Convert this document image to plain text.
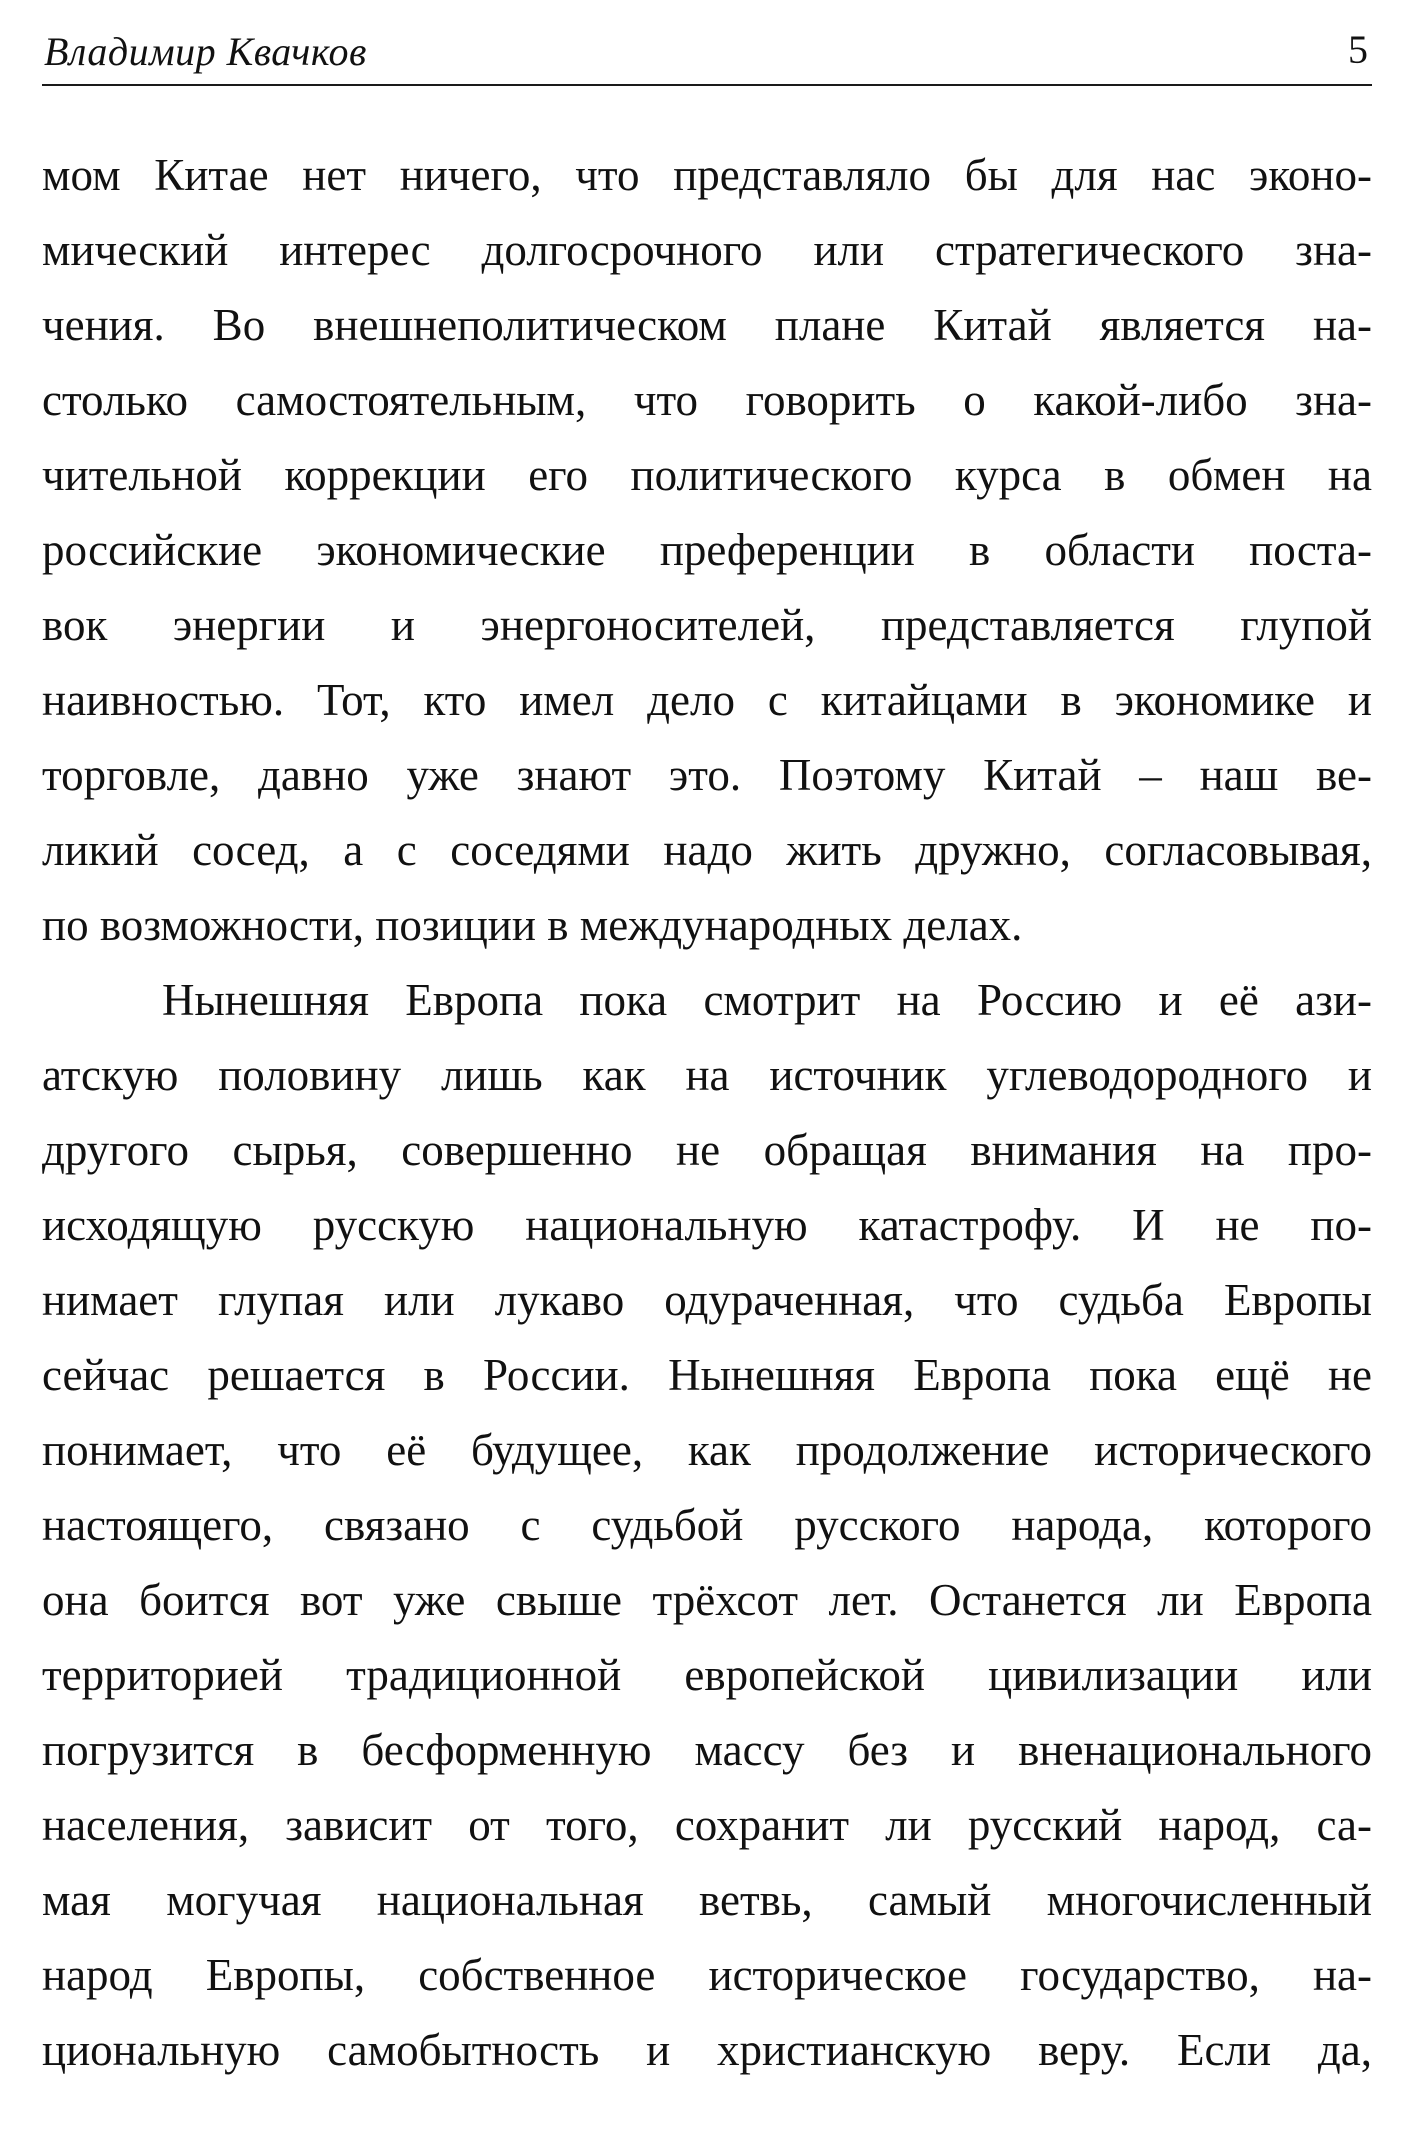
Владимир Квачков	5
мом Китае нет ничего, что представляло бы для нас эконо-
мический интерес долгосрочного или стратегического зна-
чения. Во внешнеполитическом плане Китай является на-
столько самостоятельным, что говорить о какой-либо зна-
чительной коррекции его политического курса в обмен на
российские экономические преференции в области поста-
вок энергии и энергоносителей, представляется глупой
наивностью. Тот, кто имел дело с китайцами в экономике и
торговле, давно уже знают это. Поэтому Китай – наш ве-
ликий сосед, а с соседями надо жить дружно, согласовывая,
по возможности, позиции в международных делах.
Нынешняя Европа пока смотрит на Россию и её ази-
атскую половину лишь как на источник углеводородного и
другого сырья, совершенно не обращая внимания на про-
исходящую русскую национальную катастрофу. И не по-
нимает глупая или лукаво одураченная, что судьба Европы
сейчас решается в России. Нынешняя Европа пока ещё не
понимает, что её будущее, как продолжение исторического
настоящего, связано с судьбой русского народа, которого
она боится вот уже свыше трёхсот лет. Останется ли Европа
территорией традиционной европейской цивилизации или
погрузится в бесформенную массу без и вненационального
населения, зависит от того, сохранит ли русский народ, са-
мая могучая национальная ветвь, самый многочисленный
народ Европы, собственное историческое государство, на-
циональную самобытность и христианскую веру. Если да,
